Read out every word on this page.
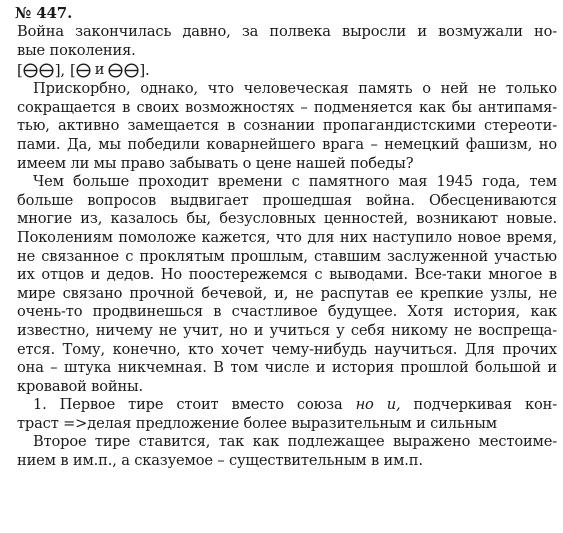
№ 447.
Война закончилась давно, за полвека выросли и возмужали но-
вые поколения.
[ ], [ и ].
Прискорбно, однако, что человеческая память о ней не только
сокращается в своих возможностях – подменяется как бы антипамя-
тью, активно замещается в сознании пропагандистскими стереоти-
пами. Да, мы победили коварнейшего врага – немецкий фашизм, но
имеем ли мы право забывать о цене нашей победы?
Чем больше проходит времени с памятного мая 1945 года, тем
больше вопросов выдвигает прошедшая война. Обесцениваются
многие из, казалось бы, безусловных ценностей, возникают новые.
Поколениям помоложе кажется, что для них наступило новое время,
не связанное с проклятым прошлым, ставшим заслуженной участью
их отцов и дедов. Но поостережемся с выводами. Все-таки многое в
мире связано прочной бечевой, и, не распутав ее крепкие узлы, не
очень-то продвинешься в счастливое будущее. Хотя история, как
известно, ничему не учит, но и учиться у себя никому не воспреща-
ется. Тому, конечно, кто хочет чему-нибудь научиться. Для прочих
она – штука никчемная. В том числе и история прошлой большой и
кровавой войны.
1. Первое тире стоит вместо союза но и, подчеркивая кон-
траст =>делая предложение более выразительным и сильным
Второе тире ставится, так как подлежащее выражено местоиме-
нием в им.п., а сказуемое – существительным в им.п.
